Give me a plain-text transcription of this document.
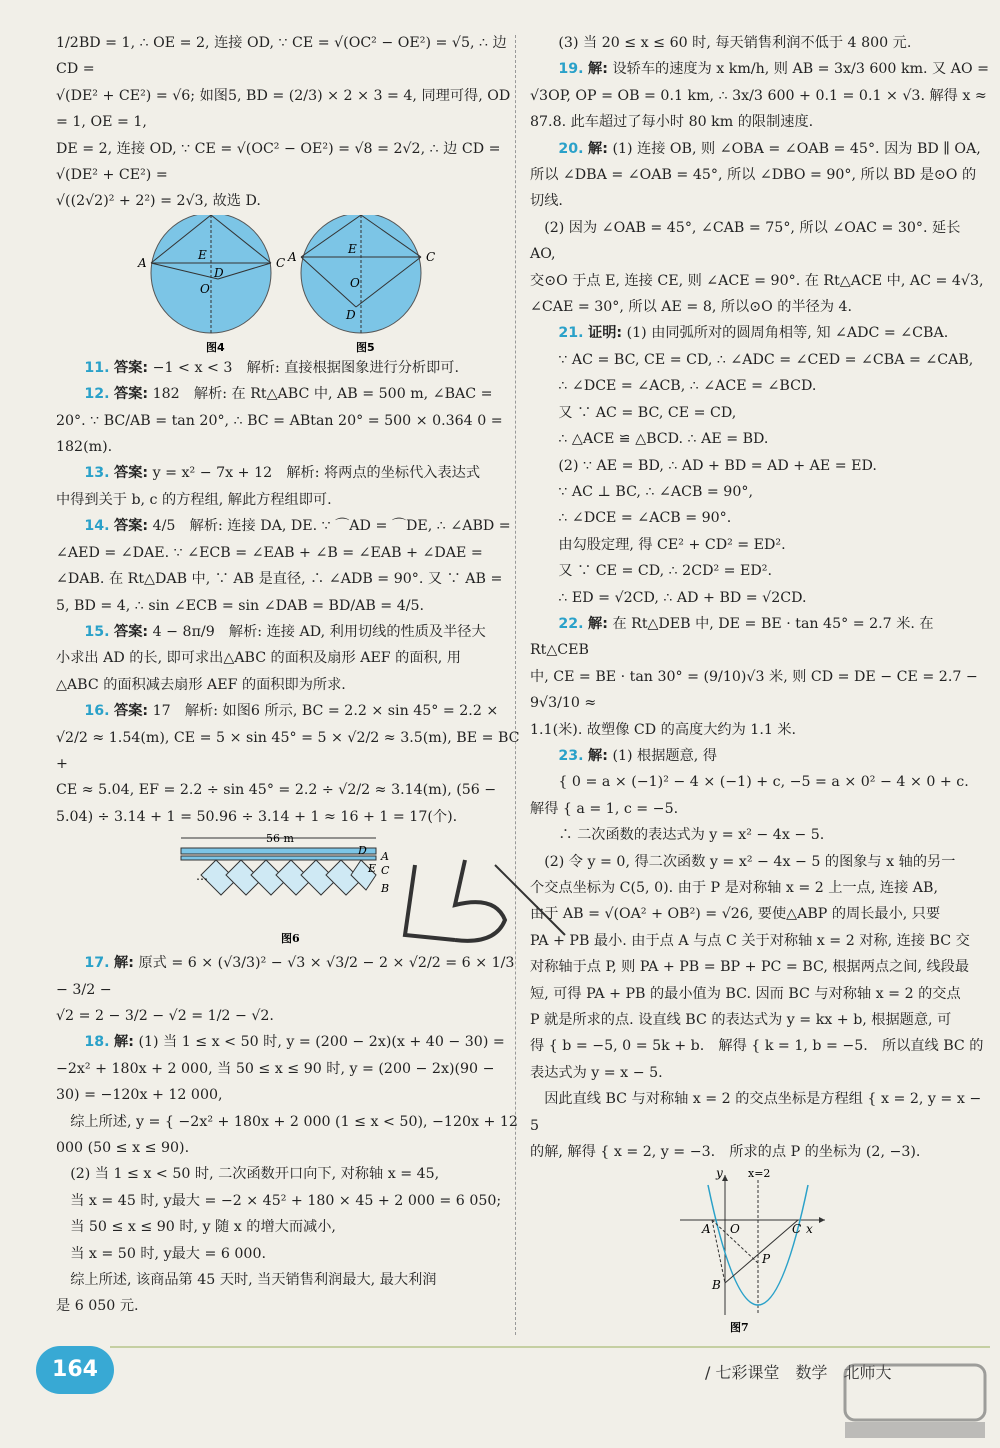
1/2BD = 1, ∴ OE = 2, 连接 OD, ∵ CE = √(OC² − OE²) = √5, ∴ 边 CD =

√(DE² + CE²) = √6; 如图5, BD = (2/3) × 2 × 3 = 4, 同理可得, OD = 1, OE = 1,

DE = 2, 连接 OD, ∵ CE = √(OC² − OE²) = √8 = 2√2, ∴ 边 CD = √(DE² + CE²) =

√((2√2)² + 2²) = 2√3, 故选 D.

A
E
D
C
O
A
E
C
O
D
图4	图5

11. 答案: −1 < x < 3　解析: 直接根据图象进行分析即可.

12. 答案: 182　解析: 在 Rt△ABC 中, AB = 500 m, ∠BAC =

20°. ∵ BC/AB = tan 20°, ∴ BC = ABtan 20° = 500 × 0.364 0 = 182(m).

13. 答案: y = x² − 7x + 12　解析: 将两点的坐标代入表达式

中得到关于 b, c 的方程组, 解此方程组即可.

14. 答案: 4/5　解析: 连接 DA, DE. ∵ ⌒AD = ⌒DE, ∴ ∠ABD =

∠AED = ∠DAE. ∵ ∠ECB = ∠EAB + ∠B = ∠EAB + ∠DAE =

∠DAB. 在 Rt△DAB 中, ∵ AB 是直径, ∴ ∠ADB = 90°. 又 ∵ AB =

5, BD = 4, ∴ sin ∠ECB = sin ∠DAB = BD/AB = 4/5.

15. 答案: 4 − 8π/9　解析: 连接 AD, 利用切线的性质及半径大

小求出 AD 的长, 即可求出△ABC 的面积及扇形 AEF 的面积, 用

△ABC 的面积减去扇形 AEF 的面积即为所求.

16. 答案: 17　解析: 如图6 所示, BC = 2.2 × sin 45° = 2.2 ×

√2/2 ≈ 1.54(m), CE = 5 × sin 45° = 5 × √2/2 ≈ 3.5(m), BE = BC +

CE ≈ 5.04, EF = 2.2 ÷ sin 45° = 2.2 ÷ √2/2 ≈ 3.14(m), (56 −

5.04) ÷ 3.14 + 1 = 50.96 ÷ 3.14 + 1 ≈ 16 + 1 = 17(个).

56 m
…
D A
E C
B
图6

17. 解: 原式 = 6 × (√3/3)² − √3 × √3/2 − 2 × √2/2 = 6 × 1/3 − 3/2 −

√2 = 2 − 3/2 − √2 = 1/2 − √2.

18. 解: (1) 当 1 ≤ x < 50 时, y = (200 − 2x)(x + 40 − 30) =

−2x² + 180x + 2 000, 当 50 ≤ x ≤ 90 时, y = (200 − 2x)(90 −

30) = −120x + 12 000,

　综上所述, y = { −2x² + 180x + 2 000 (1 ≤ x < 50), −120x + 12 000 (50 ≤ x ≤ 90).

　(2) 当 1 ≤ x < 50 时, 二次函数开口向下, 对称轴 x = 45,

　当 x = 45 时, y最大 = −2 × 45² + 180 × 45 + 2 000 = 6 050;

　当 50 ≤ x ≤ 90 时, y 随 x 的增大而减小,

　当 x = 50 时, y最大 = 6 000.

　综上所述, 该商品第 45 天时, 当天销售利润最大, 最大利润

是 6 050 元.

(3) 当 20 ≤ x ≤ 60 时, 每天销售利润不低于 4 800 元.

19. 解: 设轿车的速度为 x km/h, 则 AB = 3x/3 600 km. 又 AO =

√3OP, OP = OB = 0.1 km, ∴ 3x/3 600 + 0.1 = 0.1 × √3. 解得 x ≈

87.8. 此车超过了每小时 80 km 的限制速度.

20. 解: (1) 连接 OB, 则 ∠OBA = ∠OAB = 45°. 因为 BD ∥ OA,

所以 ∠DBA = ∠OAB = 45°, 所以 ∠DBO = 90°, 所以 BD 是⊙O 的

切线.

　(2) 因为 ∠OAB = 45°, ∠CAB = 75°, 所以 ∠OAC = 30°. 延长 AO,

交⊙O 于点 E, 连接 CE, 则 ∠ACE = 90°. 在 Rt△ACE 中, AC = 4√3,

∠CAE = 30°, 所以 AE = 8, 所以⊙O 的半径为 4.

21. 证明: (1) 由同弧所对的圆周角相等, 知 ∠ADC = ∠CBA.

∵ AC = BC, CE = CD, ∴ ∠ADC = ∠CED = ∠CBA = ∠CAB,

∴ ∠DCE = ∠ACB, ∴ ∠ACE = ∠BCD.

又 ∵ AC = BC, CE = CD,

∴ △ACE ≌ △BCD. ∴ AE = BD.

(2) ∵ AE = BD, ∴ AD + BD = AD + AE = ED.

∵ AC ⊥ BC, ∴ ∠ACB = 90°,

∴ ∠DCE = ∠ACB = 90°.

由勾股定理, 得 CE² + CD² = ED².

又 ∵ CE = CD, ∴ 2CD² = ED².

∴ ED = √2CD, ∴ AD + BD = √2CD.

22. 解: 在 Rt△DEB 中, DE = BE · tan 45° = 2.7 米. 在 Rt△CEB

中, CE = BE · tan 30° = (9/10)√3 米, 则 CD = DE − CE = 2.7 − 9√3/10 ≈

1.1(米). 故塑像 CD 的高度大约为 1.1 米.

23. 解: (1) 根据题意, 得

{ 0 = a × (−1)² − 4 × (−1) + c, −5 = a × 0² − 4 × 0 + c.　解得 { a = 1, c = −5.

∴ 二次函数的表达式为 y = x² − 4x − 5.

　(2) 令 y = 0, 得二次函数 y = x² − 4x − 5 的图象与 x 轴的另一

个交点坐标为 C(5, 0). 由于 P 是对称轴 x = 2 上一点, 连接 AB,

由于 AB = √(OA² + OB²) = √26, 要使△ABP 的周长最小, 只要

PA + PB 最小. 由于点 A 与点 C 关于对称轴 x = 2 对称, 连接 BC 交

对称轴于点 P, 则 PA + PB = BP + PC = BC, 根据两点之间, 线段最

短, 可得 PA + PB 的最小值为 BC. 因而 BC 与对称轴 x = 2 的交点

P 就是所求的点. 设直线 BC 的表达式为 y = kx + b, 根据题意, 可

得 { b = −5, 0 = 5k + b.　解得 { k = 1, b = −5.　所以直线 BC 的表达式为 y = x − 5.

　因此直线 BC 与对称轴 x = 2 的交点坐标是方程组 { x = 2, y = x − 5

的解, 解得 { x = 2, y = −3.　所求的点 P 的坐标为 (2, −3).

y x=2
A O	C x
P
B
图7
164	/ 七彩课堂　数学　北师大
